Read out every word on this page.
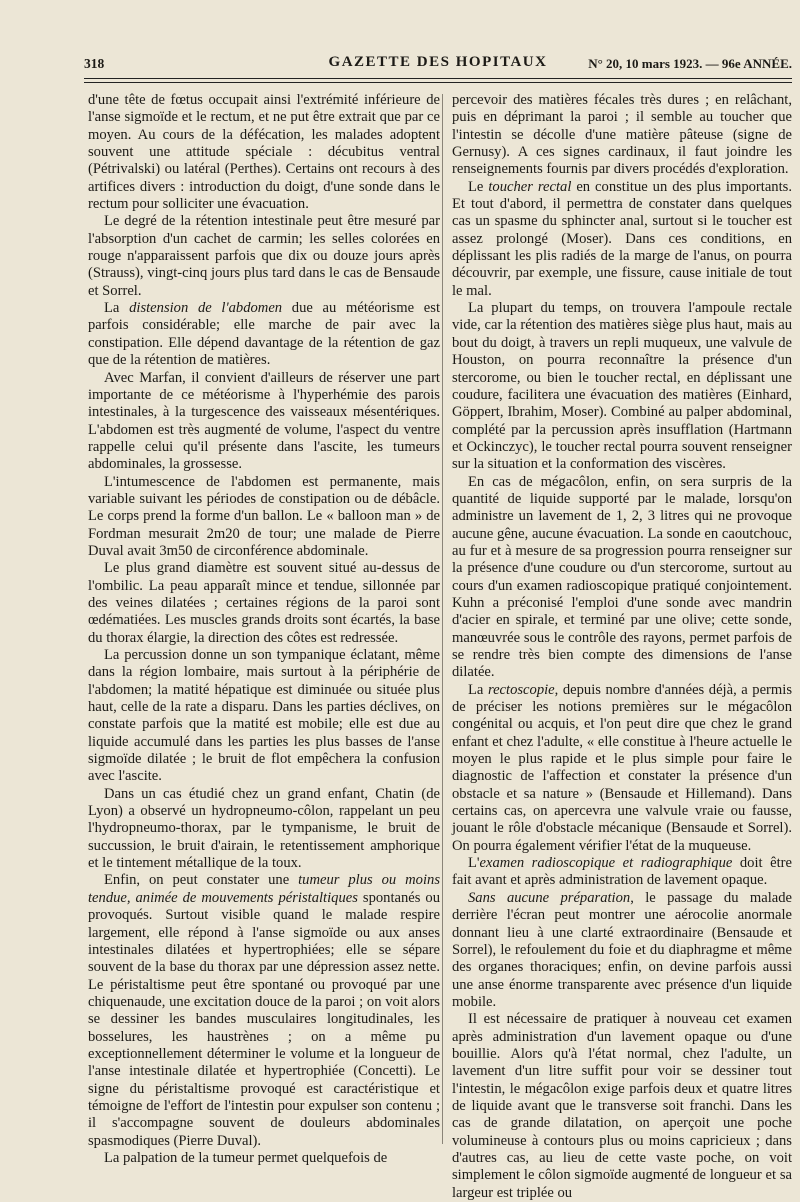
318	GAZETTE DES HOPITAUX	N° 20, 10 mars 1923. — 96e ANNÉE.

d'une tête de fœtus occupait ainsi l'extrémité inférieure de l'anse sigmoïde et le rectum, et ne put être extrait que par ce moyen. Au cours de la défécation, les malades adoptent souvent une attitude spéciale : décubitus ventral (Pétrivalski) ou latéral (Perthes). Certains ont recours à des artifices divers : introduction du doigt, d'une sonde dans le rectum pour solliciter une évacuation.

Le degré de la rétention intestinale peut être mesuré par l'absorption d'un cachet de carmin; les selles colorées en rouge n'apparaissent parfois que dix ou douze jours après (Strauss), vingt-cinq jours plus tard dans le cas de Bensaude et Sorrel.

La distension de l'abdomen due au météorisme est parfois considérable; elle marche de pair avec la constipation. Elle dépend davantage de la rétention de gaz que de la rétention de matières.

Avec Marfan, il convient d'ailleurs de réserver une part importante de ce météorisme à l'hyperhémie des parois intestinales, à la turgescence des vaisseaux mésentériques. L'abdomen est très augmenté de volume, l'aspect du ventre rappelle celui qu'il présente dans l'ascite, les tumeurs abdominales, la grossesse.

L'intumescence de l'abdomen est permanente, mais variable suivant les périodes de constipation ou de débâcle. Le corps prend la forme d'un ballon. Le « balloon man » de Fordman mesurait 2m20 de tour; une malade de Pierre Duval avait 3m50 de circonférence abdominale.

Le plus grand diamètre est souvent situé au-dessus de l'ombilic. La peau apparaît mince et tendue, sillonnée par des veines dilatées ; certaines régions de la paroi sont œdématiées. Les muscles grands droits sont écartés, la base du thorax élargie, la direction des côtes est redressée.

La percussion donne un son tympanique éclatant, même dans la région lombaire, mais surtout à la périphérie de l'abdomen; la matité hépatique est diminuée ou située plus haut, celle de la rate a disparu. Dans les parties déclives, on constate parfois que la matité est mobile; elle est due au liquide accumulé dans les parties les plus basses de l'anse sigmoïde dilatée ; le bruit de flot empêchera la confusion avec l'ascite.

Dans un cas étudié chez un grand enfant, Chatin (de Lyon) a observé un hydropneumo-côlon, rappelant un peu l'hydropneumo-thorax, par le tympanisme, le bruit de succussion, le bruit d'airain, le retentissement amphorique et le tintement métallique de la toux.

Enfin, on peut constater une tumeur plus ou moins tendue, animée de mouvements péristaltiques spontanés ou provoqués. Surtout visible quand le malade respire largement, elle répond à l'anse sigmoïde ou aux anses intestinales dilatées et hypertrophiées; elle se sépare souvent de la base du thorax par une dépression assez nette. Le péristaltisme peut être spontané ou provoqué par une chiquenaude, une excitation douce de la paroi ; on voit alors se dessiner les bandes musculaires longitudinales, les bosselures, les haustrènes ; on a même pu exceptionnellement déterminer le volume et la longueur de l'anse intestinale dilatée et hypertrophiée (Concetti). Le signe du péristaltisme provoqué est caractéristique et témoigne de l'effort de l'intestin pour expulser son contenu ; il s'accompagne souvent de douleurs abdominales spasmodiques (Pierre Duval).

La palpation de la tumeur permet quelquefois de

percevoir des matières fécales très dures ; en relâchant, puis en déprimant la paroi ; il semble au toucher que l'intestin se décolle d'une matière pâteuse (signe de Gernusy). A ces signes cardinaux, il faut joindre les renseignements fournis par divers procédés d'exploration.

Le toucher rectal en constitue un des plus importants. Et tout d'abord, il permettra de constater dans quelques cas un spasme du sphincter anal, surtout si le toucher est assez prolongé (Moser). Dans ces conditions, en déplissant les plis radiés de la marge de l'anus, on pourra découvrir, par exemple, une fissure, cause initiale de tout le mal.

La plupart du temps, on trouvera l'ampoule rectale vide, car la rétention des matières siège plus haut, mais au bout du doigt, à travers un repli muqueux, une valvule de Houston, on pourra reconnaître la présence d'un stercorome, ou bien le toucher rectal, en déplissant une coudure, facilitera une évacuation des matières (Einhard, Göppert, Ibrahim, Moser). Combiné au palper abdominal, complété par la percussion après insufflation (Hartmann et Ockinczyc), le toucher rectal pourra souvent renseigner sur la situation et la conformation des viscères.

En cas de mégacôlon, enfin, on sera surpris de la quantité de liquide supporté par le malade, lorsqu'on administre un lavement de 1, 2, 3 litres qui ne provoque aucune gêne, aucune évacuation. La sonde en caoutchouc, au fur et à mesure de sa progression pourra renseigner sur la présence d'une coudure ou d'un stercorome, surtout au cours d'un examen radioscopique pratiqué conjointement. Kuhn a préconisé l'emploi d'une sonde avec mandrin d'acier en spirale, et terminé par une olive; cette sonde, manœuvrée sous le contrôle des rayons, permet parfois de se rendre très bien compte des dimensions de l'anse dilatée.

La rectoscopie, depuis nombre d'années déjà, a permis de préciser les notions premières sur le mégacôlon congénital ou acquis, et l'on peut dire que chez le grand enfant et chez l'adulte, « elle constitue à l'heure actuelle le moyen le plus rapide et le plus simple pour faire le diagnostic de l'affection et constater la présence d'un obstacle et sa nature » (Bensaude et Hillemand). Dans certains cas, on apercevra une valvule vraie ou fausse, jouant le rôle d'obstacle mécanique (Bensaude et Sorrel). On pourra également vérifier l'état de la muqueuse.

L'examen radioscopique et radiographique doit être fait avant et après administration de lavement opaque.

Sans aucune préparation, le passage du malade derrière l'écran peut montrer une aérocolie anormale donnant lieu à une clarté extraordinaire (Bensaude et Sorrel), le refoulement du foie et du diaphragme et même des organes thoraciques; enfin, on devine parfois aussi une anse énorme transparente avec présence d'un liquide mobile.

Il est nécessaire de pratiquer à nouveau cet examen après administration d'un lavement opaque ou d'une bouillie. Alors qu'à l'état normal, chez l'adulte, un lavement d'un litre suffit pour voir se dessiner tout l'intestin, le mégacôlon exige parfois deux et quatre litres de liquide avant que le transverse soit franchi. Dans les cas de grande dilatation, on aperçoit une poche volumineuse à contours plus ou moins capricieux ; dans d'autres cas, au lieu de cette vaste poche, on voit simplement le côlon sigmoïde augmenté de longueur et sa largeur est triplée ou
